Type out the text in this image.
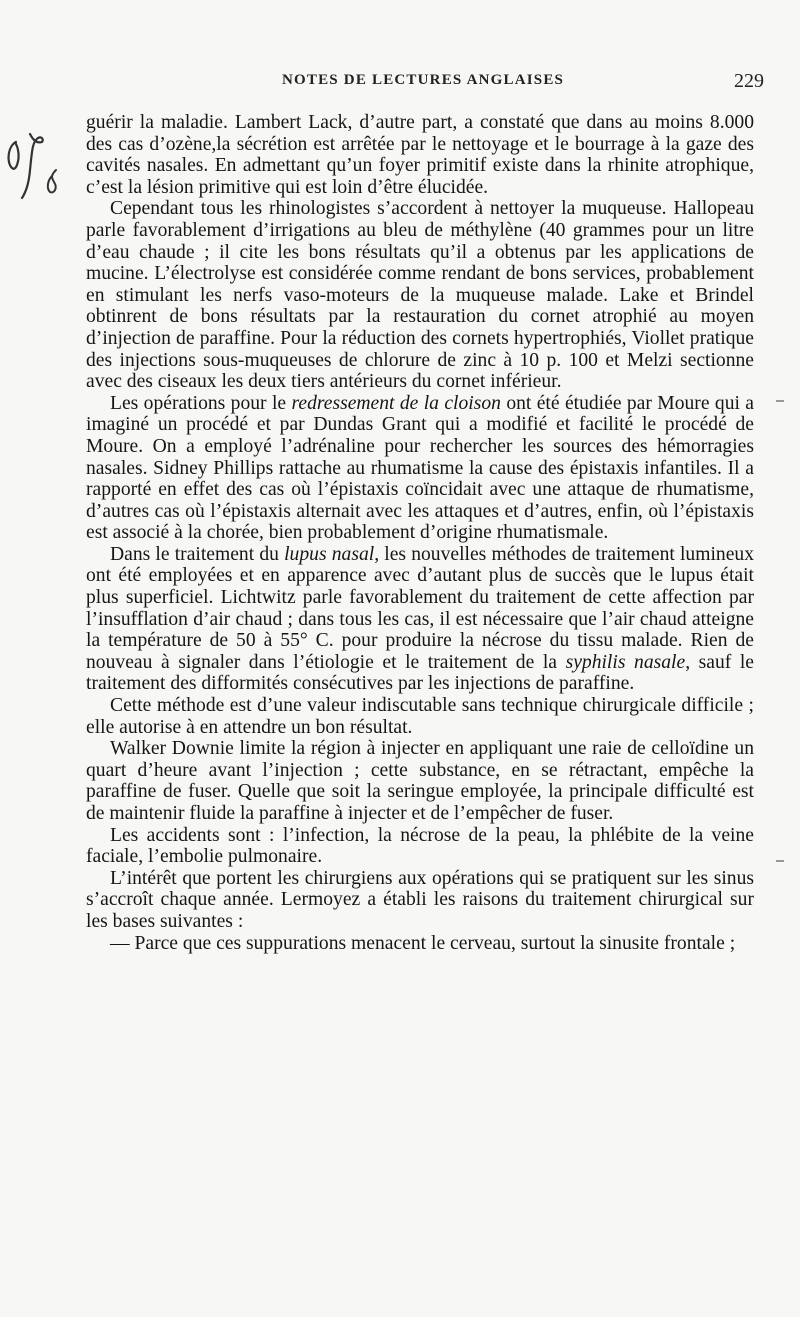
NOTES DE LECTURES ANGLAISES	229

guérir la maladie. Lambert Lack, d’autre part, a constaté que dans au moins 8.000 des cas d’ozène,la sécrétion est arrêtée par le nettoyage et le bourrage à la gaze des cavités nasales. En admettant qu’un foyer primitif existe dans la rhinite atrophique, c’est la lésion primitive qui est loin d’être élucidée.

Cependant tous les rhinologistes s’accordent à nettoyer la muqueuse. Hallopeau parle favorablement d’irrigations au bleu de méthylène (40 grammes pour un litre d’eau chaude ; il cite les bons résultats qu’il a obtenus par les applications de mucine. L’électrolyse est considérée comme rendant de bons services, probablement en stimulant les nerfs vaso-moteurs de la muqueuse malade. Lake et Brindel obtinrent de bons résultats par la restauration du cornet atrophié au moyen d’injection de paraffine. Pour la réduction des cornets hypertrophiés, Viollet pratique des injections sous-muqueuses de chlorure de zinc à 10 p. 100 et Melzi sectionne avec des ciseaux les deux tiers antérieurs du cornet inférieur.

Les opérations pour le redressement de la cloison ont été étudiée par Moure qui a imaginé un procédé et par Dundas Grant qui a modifié et facilité le procédé de Moure. On a employé l’adrénaline pour rechercher les sources des hémorragies nasales. Sidney Phillips rattache au rhumatisme la cause des épistaxis infantiles. Il a rapporté en effet des cas où l’épistaxis coïncidait avec une attaque de rhumatisme, d’autres cas où l’épistaxis alternait avec les attaques et d’autres, enfin, où l’épistaxis est associé à la chorée, bien probablement d’origine rhumatismale.

Dans le traitement du lupus nasal, les nouvelles méthodes de traitement lumineux ont été employées et en apparence avec d’autant plus de succès que le lupus était plus superficiel. Lichtwitz parle favorablement du traitement de cette affection par l’insufflation d’air chaud ; dans tous les cas, il est nécessaire que l’air chaud atteigne la température de 50 à 55° C. pour produire la nécrose du tissu malade. Rien de nouveau à signaler dans l’étiologie et le traitement de la syphilis nasale, sauf le traitement des difformités consécutives par les injections de paraffine.

Cette méthode est d’une valeur indiscutable sans technique chirurgicale difficile ; elle autorise à en attendre un bon résultat.

Walker Downie limite la région à injecter en appliquant une raie de celloïdine un quart d’heure avant l’injection ; cette substance, en se rétractant, empêche la paraffine de fuser. Quelle que soit la seringue employée, la principale difficulté est de maintenir fluide la paraffine à injecter et de l’empêcher de fuser.

Les accidents sont : l’infection, la nécrose de la peau, la phlébite de la veine faciale, l’embolie pulmonaire.

L’intérêt que portent les chirurgiens aux opérations qui se pratiquent sur les sinus s’accroît chaque année. Lermoyez a établi les raisons du traitement chirurgical sur les bases suivantes :

— Parce que ces suppurations menacent le cerveau, surtout la sinusite frontale ;
